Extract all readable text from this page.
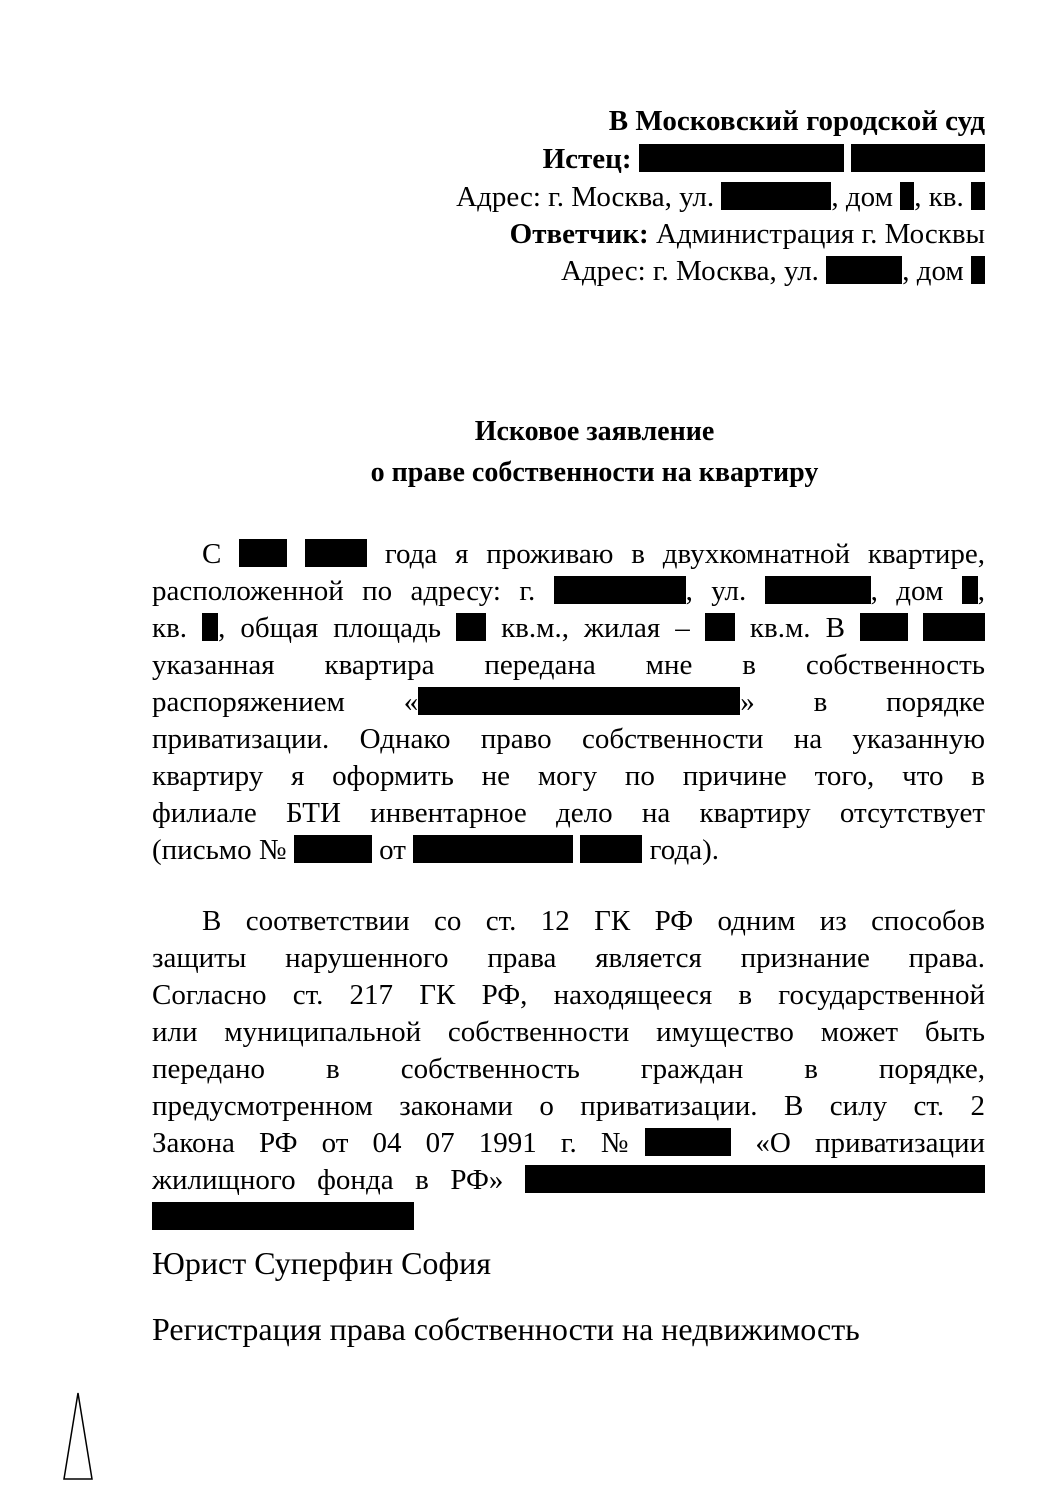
В Московский городской суд
Истец:
Адрес: г. Москва, ул.	, дом , кв.
Ответчик: Администрация г. Москвы
Адрес: г. Москва, ул.	, дом
Исковое заявление
о праве собственности на квартиру
С	года я проживаю в двухкомнатной квартире,
расположенной по адресу: г.	, ул.	, дом ,
кв. , общая площадь кв.м., жилая – кв.м. В
указанная квартира передана мне в собственность
распоряжением «	» в порядке
приватизации. Однако право собственности на указанную
квартиру я оформить не могу по причине того, что в
филиале БТИ инвентарное дело на квартиру отсутствует
(письмо №	от	года).
В соответствии со ст. 12 ГК РФ одним из способов
защиты нарушенного права является признание права.
Согласно ст. 217 ГК РФ, находящееся в государственной
или муниципальной собственности имущество может быть
передано в собственность граждан в порядке,
предусмотренном законами о приватизации. В силу ст. 2
Закона РФ от 04 07 1991 г. №	«О приватизации
жилищного фонда в РФ»
Юрист Суперфин София
Регистрация права собственности на недвижимость
